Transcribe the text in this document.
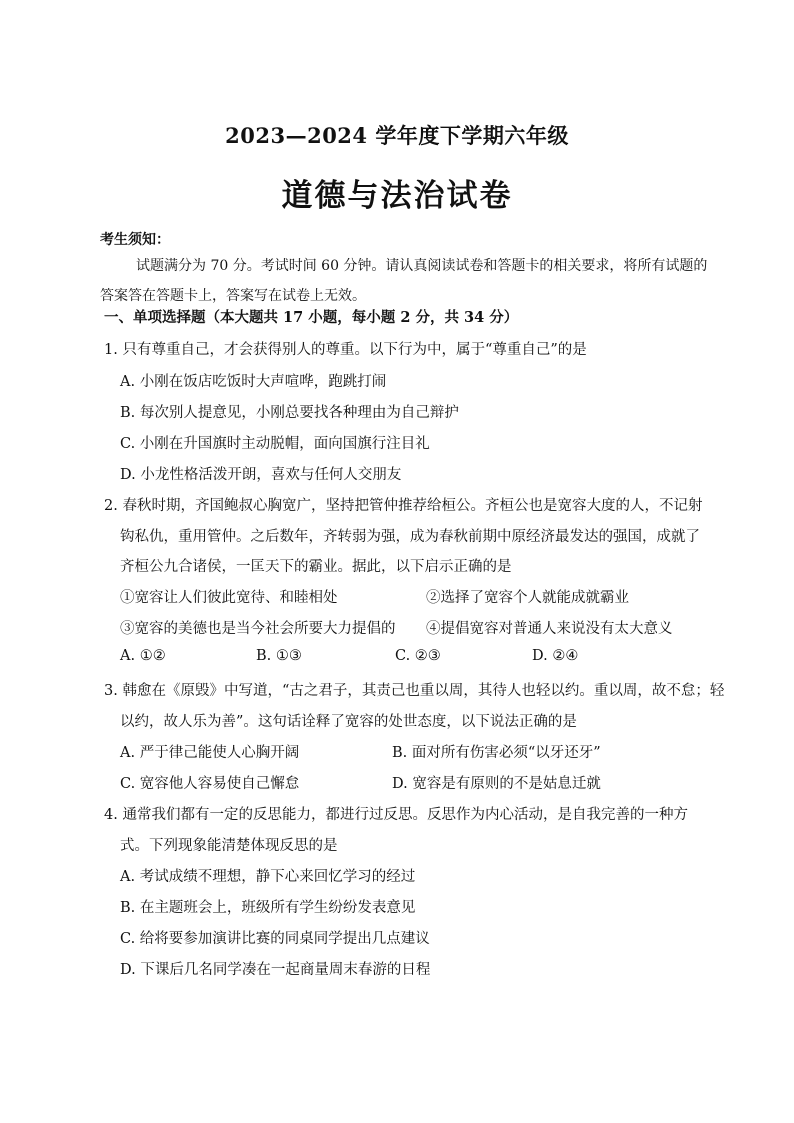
2023—2024 学年度下学期六年级
道德与法治试卷
考生须知：
试题满分为 70 分。考试时间 60 分钟。请认真阅读试卷和答题卡的相关要求，将所有试题的答案答在答题卡上，答案写在试卷上无效。
一、单项选择题（本大题共 17 小题，每小题 2 分，共 34 分）
1. 只有尊重自己，才会获得别人的尊重。以下行为中，属于“尊重自己”的是
A. 小刚在饭店吃饭时大声喧哗，跑跳打闹
B. 每次别人提意见，小刚总要找各种理由为自己辩护
C. 小刚在升国旗时主动脱帽，面向国旗行注目礼
D. 小龙性格活泼开朗，喜欢与任何人交朋友
2. 春秋时期，齐国鲍叔心胸宽广，坚持把管仲推荐给桓公。齐桓公也是宽容大度的人，不记射
钩私仇，重用管仲。之后数年，齐转弱为强，成为春秋前期中原经济最发达的强国，成就了
齐桓公九合诸侯，一匡天下的霸业。据此，以下启示正确的是
①宽容让人们彼此宽待、和睦相处	②选择了宽容个人就能成就霸业
③宽容的美德也是当今社会所要大力提倡的 ④提倡宽容对普通人来说没有太大意义
A. ①②	B. ①③	C. ②③	D. ②④
3. 韩愈在《原毁》中写道，“古之君子，其责己也重以周，其待人也轻以约。重以周，故不怠；轻
以约，故人乐为善”。这句话诠释了宽容的处世态度，以下说法正确的是
A. 严于律己能使人心胸开阔	B. 面对所有伤害必须“以牙还牙”
C. 宽容他人容易使自己懈怠	D. 宽容是有原则的不是姑息迁就
4. 通常我们都有一定的反思能力，都进行过反思。反思作为内心活动，是自我完善的一种方
式。下列现象能清楚体现反思的是
A. 考试成绩不理想，静下心来回忆学习的经过
B. 在主题班会上，班级所有学生纷纷发表意见
C. 给将要参加演讲比赛的同桌同学提出几点建议
D. 下课后几名同学凑在一起商量周末春游的日程
